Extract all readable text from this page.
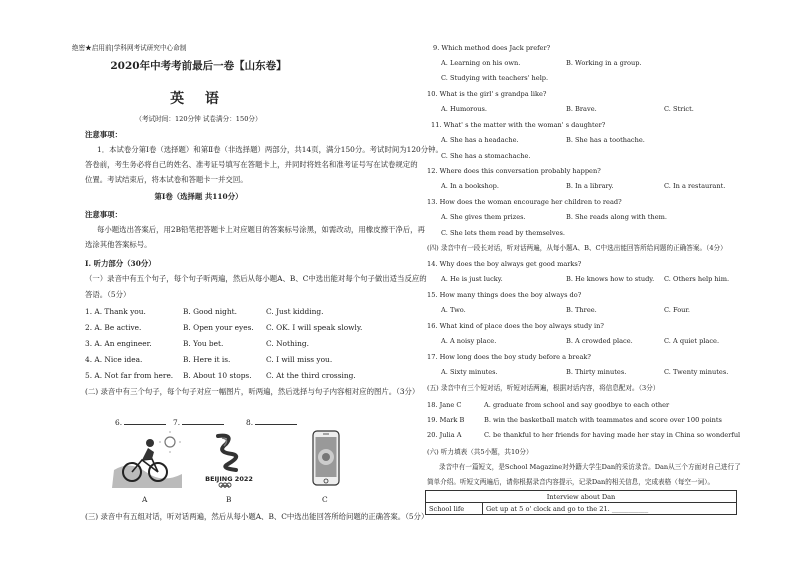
绝密★启用前|学科网考试研究中心命制
2020年中考考前最后一卷【山东卷】
英 语
（考试时间：120分钟 试卷满分：150分）
注意事项：
1．本试卷分第Ⅰ卷（选择题）和第Ⅱ卷（非选择题）两部分，共14页，满分150分。考试时间为120分钟。
答卷前，考生务必将自己的姓名、准考证号填写在答题卡上，并同时将姓名和准考证号写在试卷规定的
位置。考试结束后，将本试卷和答题卡一并交回。
第Ⅰ卷（选择题 共110分）
注意事项：
每小题选出答案后，用2B铅笔把答题卡上对应题目的答案标号涂黑，如需改动，用橡皮擦干净后，再
选涂其他答案标号。
Ⅰ. 听力部分（30分）
（一）录音中有五个句子，每个句子听两遍，然后从每小题A、B、C中选出能对每个句子做出适当反应的
答语。（5分）
1. A. Thank you.	B. Good night.	C. Just kidding.
2. A. Be active.	B. Open your eyes. C. OK. I will speak slowly.
3. A. An engineer.	B. You bet.	C. Nothing.
4. A. Nice idea.	B. Here it is.	C. I will miss you.
5. A. Not far from here. B. About 10 stops. C. At the third crossing.
(二) 录音中有三个句子，每个句子对应一幅图片，听两遍，然后选择与句子内容相对应的图片。（3分）
6.	7.	8.
BEIJING 2022
A	B	C
(三) 录音中有五组对话，听对话两遍，然后从每小题A、B、C中选出能回答所给问题的正确答案。（5分）
9. Which method does Jack prefer?
A. Learning on his own.	B. Working in a group.
C. Studying with teachers' help.
10. What is the girl' s grandpa like?
A. Humorous.	B. Brave.	C. Strict.
11. What' s the matter with the woman' s daughter?
A. She has a headache.	B. She has a toothache.
C. She has a stomachache.
12. Where does this conversation probably happen?
A. In a bookshop.	B. In a library.	C. In a restaurant.
13. How does the woman encourage her children to read?
A. She gives them prizes.	B. She reads along with them.
C. She lets them read by themselves.
(四) 录音中有一段长对话，听对话两遍，从每小题A、B、C中选出能回答所给问题的正确答案。（4分）
14. Why does the boy always get good marks?
A. He is just lucky.	B. He knows how to study. C. Others help him.
15. How many things does the boy always do?
A. Two.	B. Three.	C. Four.
16. What kind of place does the boy always study in?
A. A noisy place.	B. A crowded place.	C. A quiet place.
17. How long does the boy study before a break?
A. Sixty minutes.	B. Thirty minutes.	C. Twenty minutes.
(五) 录音中有三个短对话，听短对话两遍，根据对话内容，将信息配对。（3分）
18. Jane C	A. graduate from school and say goodbye to each other
19. Mark B	B. win the basketball match with teammates and score over 100 points
20. Julia A	C. be thankful to her friends for having made her stay in China so wonderful
(六) 听力填表（共5小题，共10分）
录音中有一篇短文，是School Magazine对外籍大学生Dan的采访录音。Dan从三个方面对自己进行了
简单介绍。听短文两遍后，请你根据录音内容提示，记录Dan的相关信息，完成表格（每空一词）。
Interview about Dan
School life	Get up at 5 o' clock and go to the 21. ___________
